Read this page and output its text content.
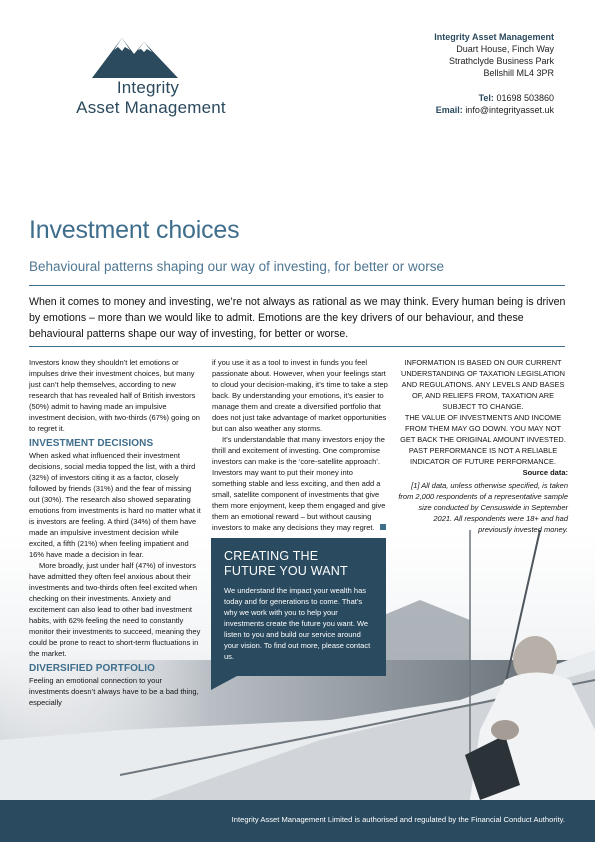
Integrity
Asset Management
Integrity Asset Management
Duart House, Finch Way
Strathclyde Business Park
Bellshill ML4 3PR
Tel: 01698 503860
Email: info@integrityasset.uk
Investment choices
Behavioural patterns shaping our way of investing, for better or worse
When it comes to money and investing, we’re not always as rational as we may think. Every human being is driven by emotions – more than we would like to admit. Emotions are the key drivers of our behaviour, and these behavioural patterns shape our way of investing, for better or worse.

Investors know they shouldn’t let emotions or impulses drive their investment choices, but many just can’t help themselves, according to new research that has revealed half of British investors (50%) admit to having made an impulsive investment decision, with two-thirds (67%) going on to regret it.

INVESTMENT DECISIONS

When asked what influenced their investment decisions, social media topped the list, with a third (32%) of investors citing it as a factor, closely followed by friends (31%) and the fear of missing out (30%). The research also showed separating emotions from investments is hard no matter what it is investors are feeling. A third (34%) of them have made an impulsive investment decision while excited, a fifth (21%) when feeling impatient and 16% have made a decision in fear.

More broadly, just under half (47%) of investors have admitted they often feel anxious about their investments and two-thirds often feel excited when checking on their investments. Anxiety and excitement can also lead to other bad investment habits, with 62% feeling the need to constantly monitor their investments to succeed, meaning they could be prone to react to short-term fluctuations in the market.

DIVERSIFIED PORTFOLIO

Feeling an emotional connection to your investments doesn’t always have to be a bad thing, especially

if you use it as a tool to invest in funds you feel passionate about. However, when your feelings start to cloud your decision-making, it’s time to take a step back. By understanding your emotions, it’s easier to manage them and create a diversified portfolio that does not just take advantage of market opportunities but can also weather any storms.

It’s understandable that many investors enjoy the thrill and excitement of investing. One compromise investors can make is the ‘core-satellite approach’. Investors may want to put their money into something stable and less exciting, and then add a small, satellite component of investments that give them more enjoyment, keep them engaged and give them an emotional reward – but without causing investors to make any decisions they may regret.

INFORMATION IS BASED ON OUR CURRENT UNDERSTANDING OF TAXATION LEGISLATION AND REGULATIONS. ANY LEVELS AND BASES OF, AND RELIEFS FROM, TAXATION ARE SUBJECT TO CHANGE.

THE VALUE OF INVESTMENTS AND INCOME FROM THEM MAY GO DOWN. YOU MAY NOT GET BACK THE ORIGINAL AMOUNT INVESTED. PAST PERFORMANCE IS NOT A RELIABLE INDICATOR OF FUTURE PERFORMANCE.

Source data:

[1] All data, unless otherwise specified, is taken from 2,000 respondents of a representative sample size conducted by Censuswide in September 2021. All respondents were 18+ and had previously invested money.

CREATING THE
FUTURE YOU WANT
We understand the impact your wealth has today and for generations to come. That’s why we work with you to help your investments create the future you want. We listen to you and build our service around your vision. To find out more, please contact us.
Integrity Asset Management Limited is authorised and regulated by the Financial Conduct Authority.
